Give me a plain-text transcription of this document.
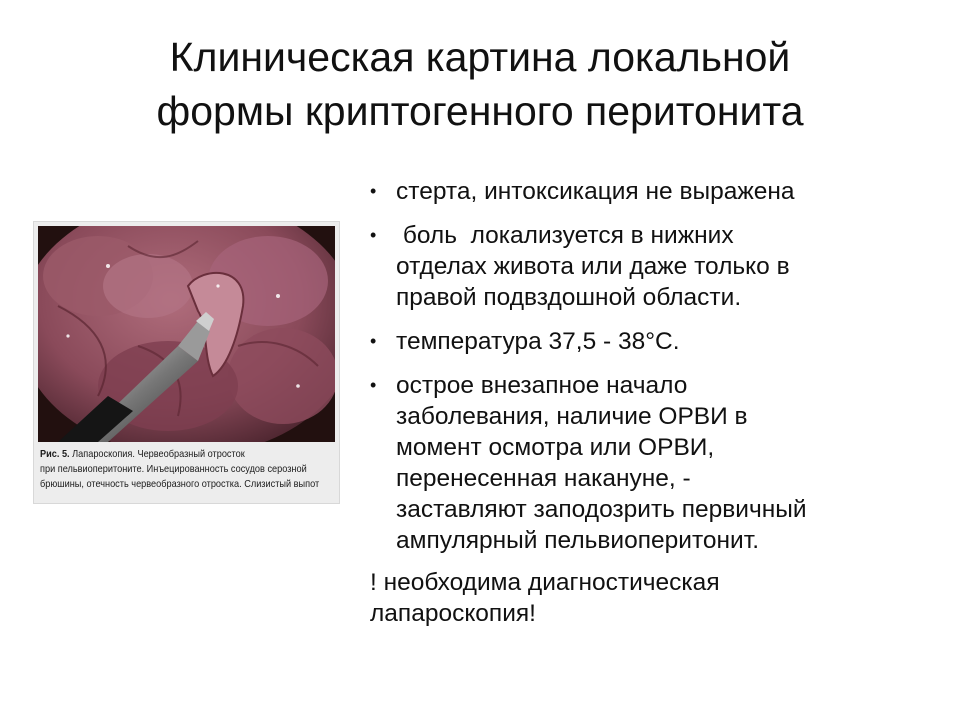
Клиническая картина локальной
формы криптогенного перитонита
Рис. 5. Лапароскопия. Червеобразный отросток
при пельвиоперитоните. Инъецированность сосудов серозной
брюшины, отечность червеобразного отростка. Слизистый выпот
• стерта, интоксикация не выражена
• боль  локализуется в нижних
отделах живота или даже только в
правой подвздошной области.
• температура 37,5 - 38°С.
• острое внезапное начало
заболевания, наличие ОРВИ в
момент осмотра или ОРВИ,
перенесенная накануне, -
заставляют заподозрить первичный
ампулярный пельвиоперитонит.
! необходима диагностическая
лапароскопия!
